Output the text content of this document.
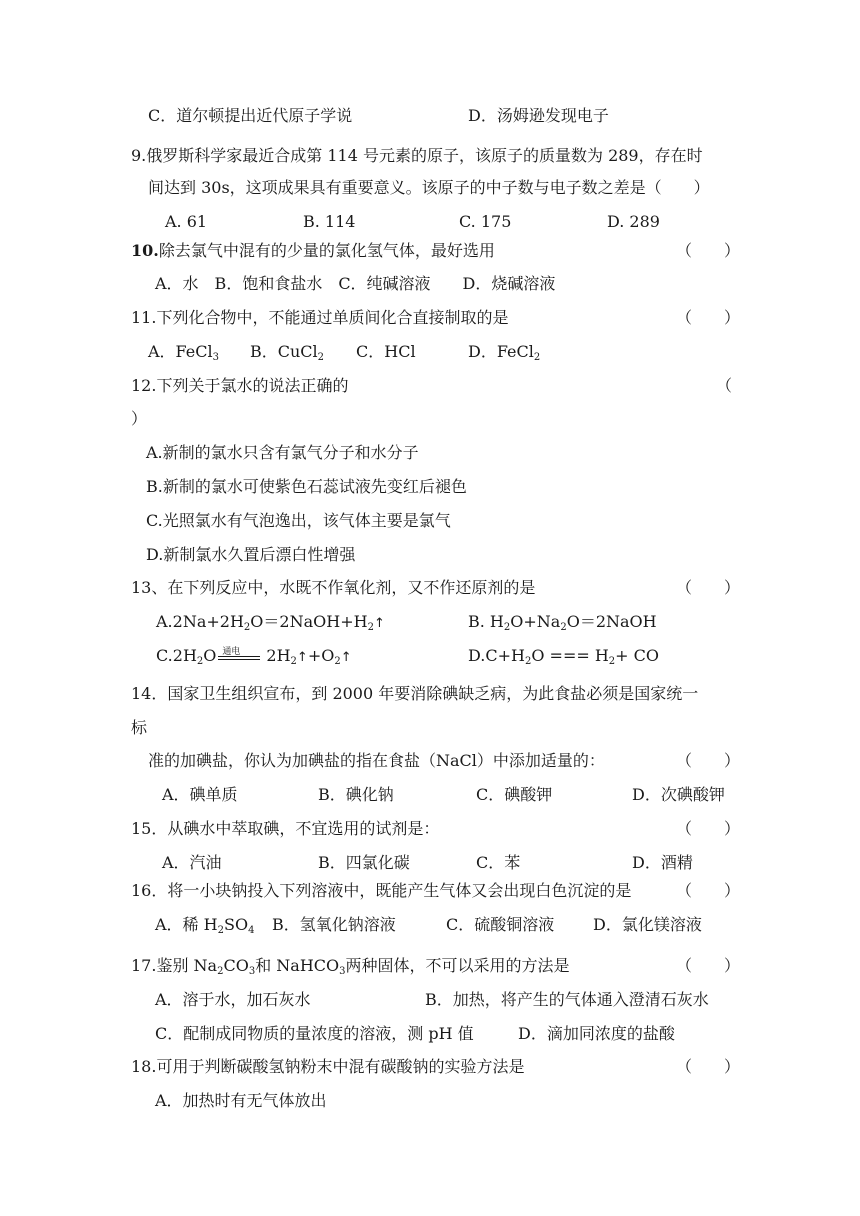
C．道尔顿提出近代原子学说	D．汤姆逊发现电子
9.俄罗斯科学家最近合成第 114 号元素的原子，该原子的质量数为 289，存在时
间达到 30s，这项成果具有重要意义。该原子的中子数与电子数之差是（　　）
A. 61	B. 114	C. 175	D. 289
10.除去氯气中混有的少量的氯化氢气体，最好选用	（　　）
A．水　B．饱和食盐水　C．纯碱溶液　　D．烧碱溶液
11.下列化合物中，不能通过单质间化合直接制取的是	（　　）
A．FeCl$_3$ B．CuCl$_2$ C．HCl	D．FeCl$_2$
12.下列关于氯水的说法正确的	（
）
A.新制的氯水只含有氯气分子和水分子
B.新制的氯水可使紫色石蕊试液先变红后褪色
C.光照氯水有气泡逸出，该气体主要是氯气
D.新制氯水久置后漂白性增强
13、在下列反应中，水既不作氧化剂，又不作还原剂的是	（　　）
$A.2Na+2H_2O=2NaOH+H_2↑$	B. $H_2O+Na_2O=2NaOH$
$C.2H_2O$ 通电 $2H_2↑+O_2↑$	$D.C+H_2O$ === $H_2+$ CO
14．国家卫生组织宣布，到 2000 年要消除碘缺乏病，为此食盐必须是国家统一
标
准的加碘盐，你认为加碘盐的指在食盐（NaCl）中添加适量的：	（　　）
A．碘单质	B．碘化钠	C．碘酸钾	D．次碘酸钾
15．从碘水中萃取碘，不宜选用的试剂是：	（　　）
A．汽油	B．四氯化碳	C．苯	D．酒精
16．将一小块钠投入下列溶液中，既能产生气体又会出现白色沉淀的是	（　　）
A．稀 $H_2SO_4$ B．氢氧化钠溶液	C．硫酸铜溶液 D．氯化镁溶液
17.鉴别 $Na_2CO_3$和 NaHCO$_3$两种固体，不可以采用的方法是	（　　）
A．溶于水，加石灰水	B．加热，将产生的气体通入澄清石灰水
C．配制成同物质的量浓度的溶液，测 pH 值	D．滴加同浓度的盐酸
18.可用于判断碳酸氢钠粉末中混有碳酸钠的实验方法是	（　　）
A．加热时有无气体放出
